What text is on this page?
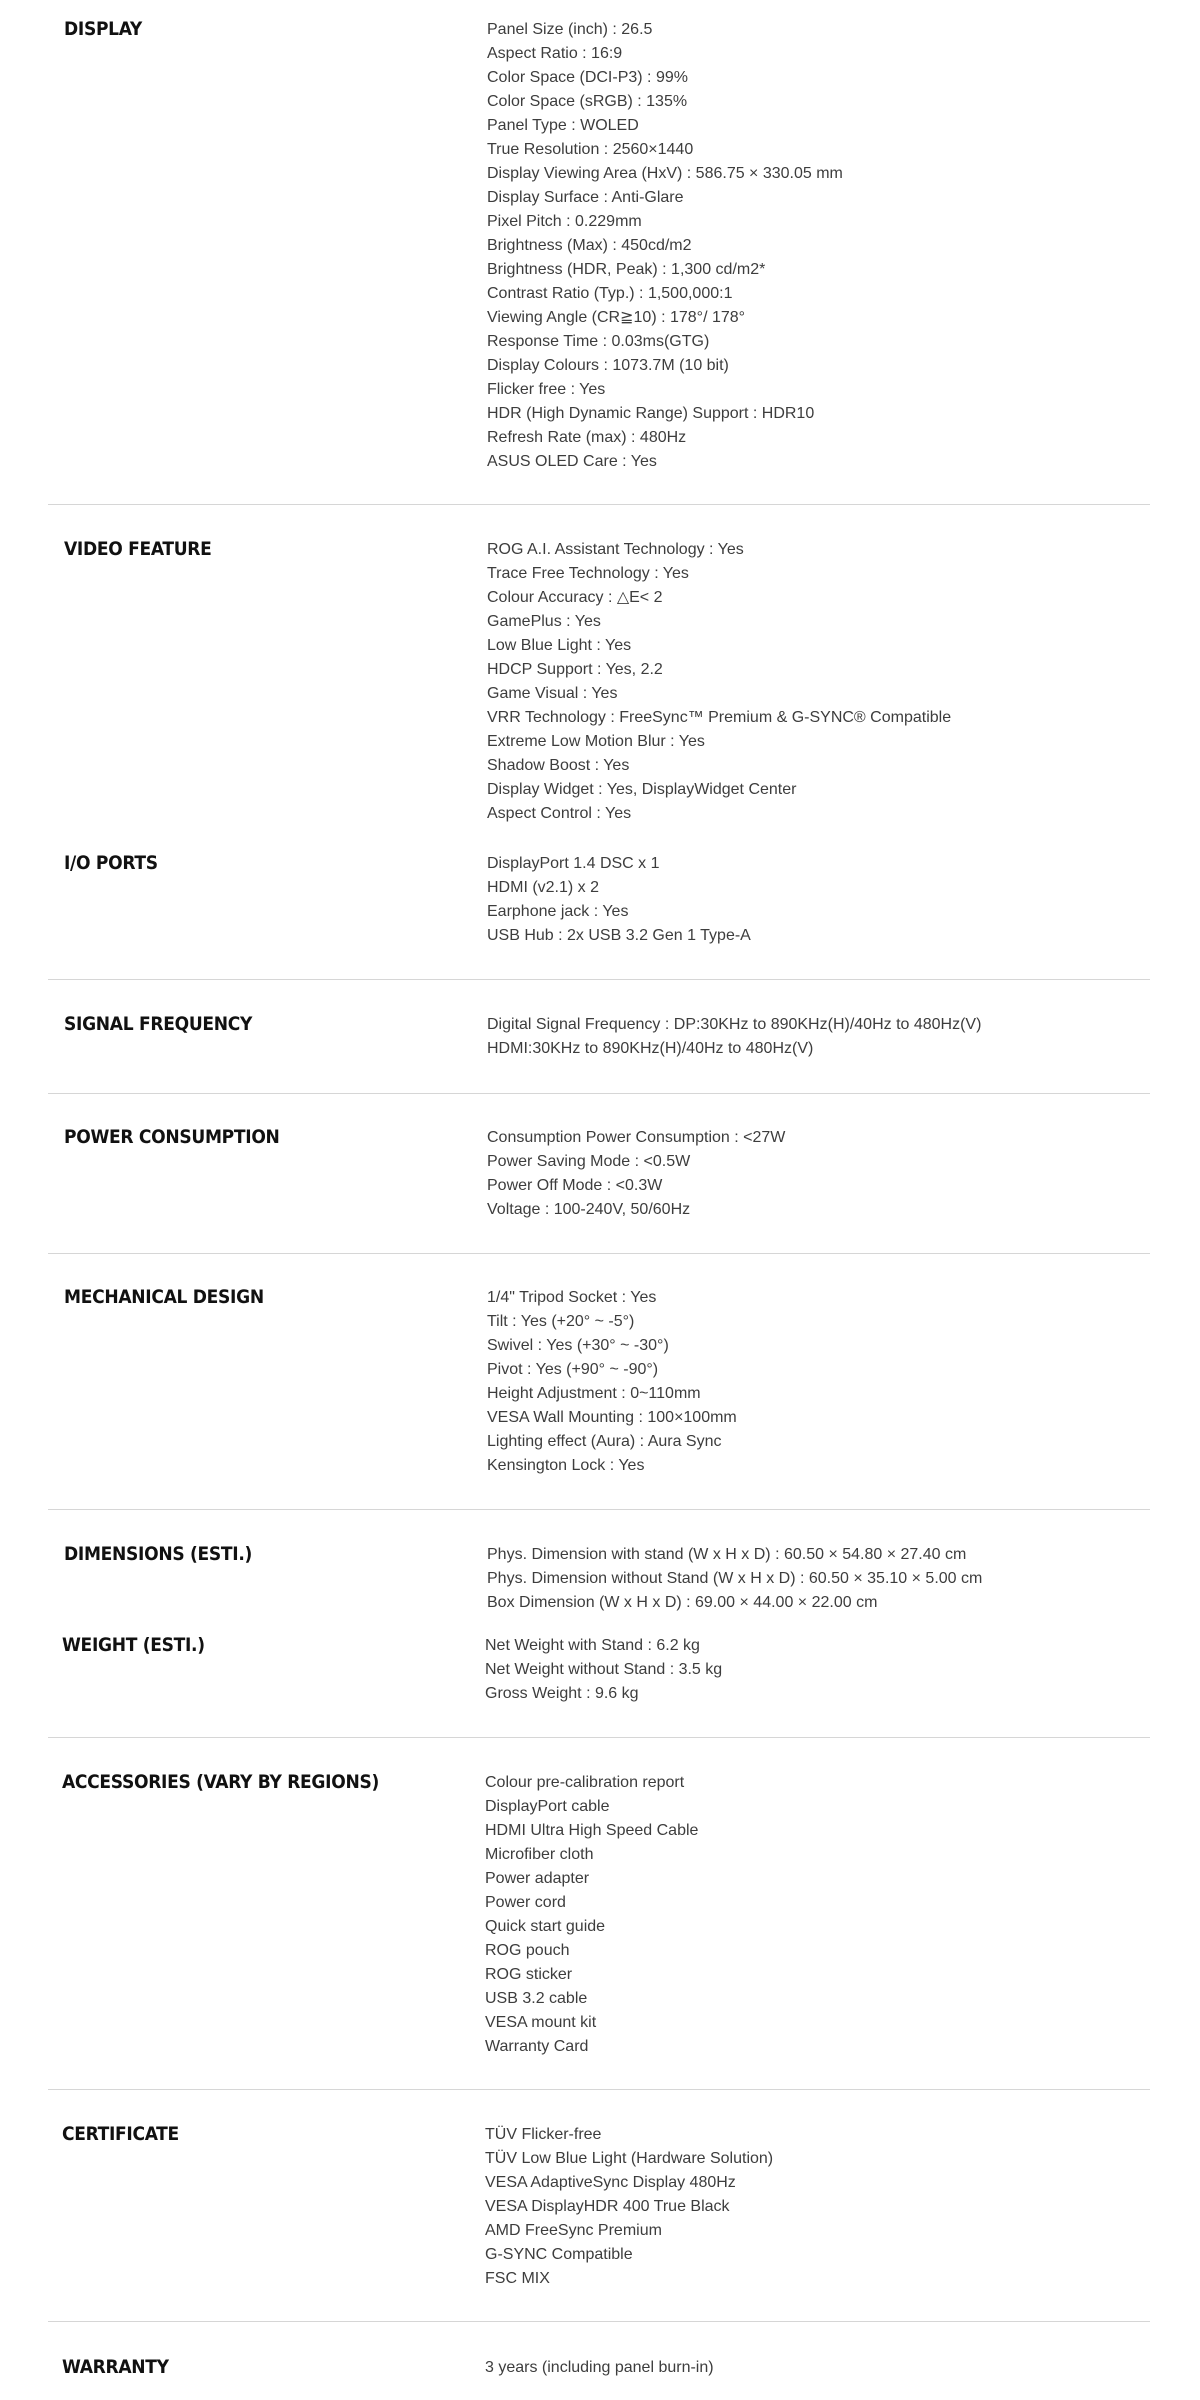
DISPLAY	Panel Size (inch) : 26.5
Aspect Ratio : 16:9
Color Space (DCI-P3) : 99%
Color Space (sRGB) : 135%
Panel Type : WOLED
True Resolution : 2560×1440
Display Viewing Area (HxV) : 586.75 × 330.05 mm
Display Surface : Anti-Glare
Pixel Pitch : 0.229mm
Brightness (Max) : 450cd/m2
Brightness (HDR, Peak) : 1,300 cd/m2*
Contrast Ratio (Typ.) : 1,500,000:1
Viewing Angle (CR≧10) : 178°/ 178°
Response Time : 0.03ms(GTG)
Display Colours : 1073.7M (10 bit)
Flicker free : Yes
HDR (High Dynamic Range) Support : HDR10
Refresh Rate (max) : 480Hz
ASUS OLED Care : Yes
VIDEO FEATURE	ROG A.I. Assistant Technology : Yes
Trace Free Technology : Yes
Colour Accuracy : △E< 2
GamePlus : Yes
Low Blue Light : Yes
HDCP Support : Yes, 2.2
Game Visual : Yes
VRR Technology : FreeSync™ Premium & G-SYNC® Compatible
Extreme Low Motion Blur : Yes
Shadow Boost : Yes
Display Widget : Yes, DisplayWidget Center
Aspect Control : Yes
I/O PORTS	DisplayPort 1.4 DSC x 1
HDMI (v2.1) x 2
Earphone jack : Yes
USB Hub : 2x USB 3.2 Gen 1 Type-A
SIGNAL FREQUENCY	Digital Signal Frequency : DP:30KHz to 890KHz(H)/40Hz to 480Hz(V)
HDMI:30KHz to 890KHz(H)/40Hz to 480Hz(V)
POWER CONSUMPTION	Consumption Power Consumption : <27W
Power Saving Mode : <0.5W
Power Off Mode : <0.3W
Voltage : 100-240V, 50/60Hz
MECHANICAL DESIGN	1/4" Tripod Socket : Yes
Tilt : Yes (+20° ~ -5°)
Swivel : Yes (+30° ~ -30°)
Pivot : Yes (+90° ~ -90°)
Height Adjustment : 0~110mm
VESA Wall Mounting : 100×100mm
Lighting effect (Aura) : Aura Sync
Kensington Lock : Yes
DIMENSIONS (ESTI.)	Phys. Dimension with stand (W x H x D) : 60.50 × 54.80 × 27.40 cm
Phys. Dimension without Stand (W x H x D) : 60.50 × 35.10 × 5.00 cm
Box Dimension (W x H x D) : 69.00 × 44.00 × 22.00 cm
WEIGHT (ESTI.)	Net Weight with Stand : 6.2 kg
Net Weight without Stand : 3.5 kg
Gross Weight : 9.6 kg
ACCESSORIES (VARY BY REGIONS)	Colour pre-calibration report
DisplayPort cable
HDMI Ultra High Speed Cable
Microfiber cloth
Power adapter
Power cord
Quick start guide
ROG pouch
ROG sticker
USB 3.2 cable
VESA mount kit
Warranty Card
CERTIFICATE	TÜV Flicker-free
TÜV Low Blue Light (Hardware Solution)
VESA AdaptiveSync Display 480Hz
VESA DisplayHDR 400 True Black
AMD FreeSync Premium
G-SYNC Compatible
FSC MIX
WARRANTY	3 years (including panel burn-in)
